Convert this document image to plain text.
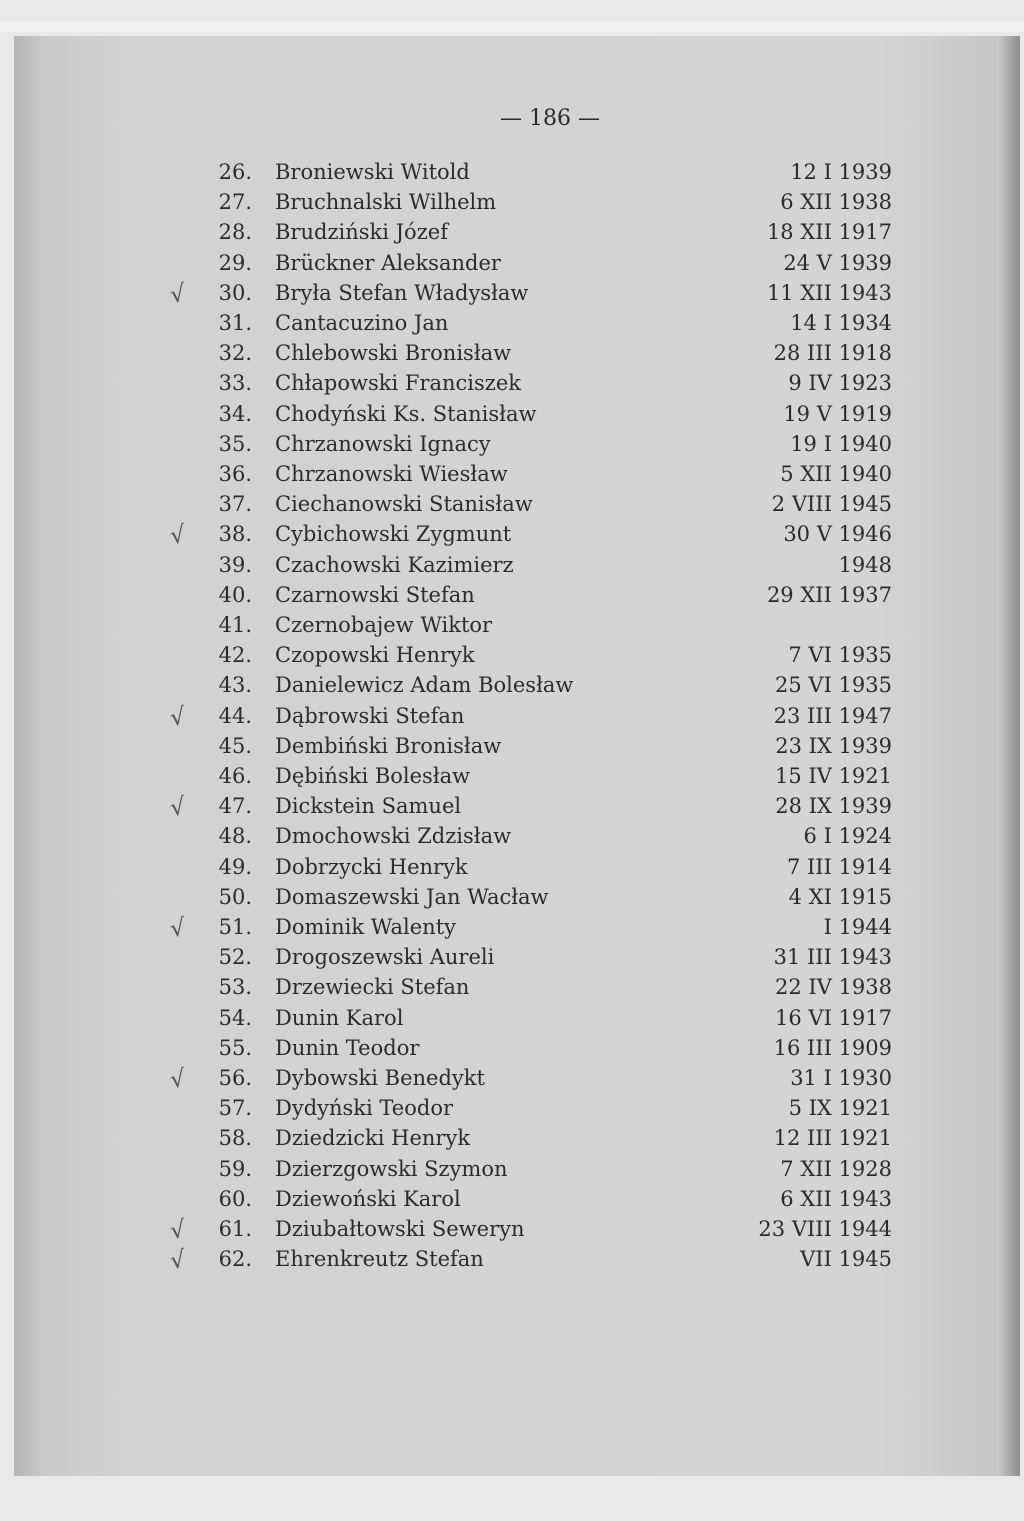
— 186 —
26. Broniewski Witold	12 I 1939
27. Bruchnalski Wilhelm	6 XII 1938
28. Brudziński Józef	18 XII 1917
29. Brückner Aleksander	24 V 1939
√	30. Bryła Stefan Władysław	11 XII 1943
31. Cantacuzino Jan	14 I 1934
32. Chlebowski Bronisław	28 III 1918
33. Chłapowski Franciszek	9 IV 1923
34. Chodyński Ks. Stanisław	19 V 1919
35. Chrzanowski Ignacy	19 I 1940
36. Chrzanowski Wiesław	5 XII 1940
37. Ciechanowski Stanisław	2 VIII 1945
√	38. Cybichowski Zygmunt	30 V 1946
39. Czachowski Kazimierz	1948
40. Czarnowski Stefan	29 XII 1937
41. Czernobajew Wiktor
42. Czopowski Henryk	7 VI 1935
43. Danielewicz Adam Bolesław	25 VI 1935
√	44. Dąbrowski Stefan	23 III 1947
45. Dembiński Bronisław	23 IX 1939
46. Dębiński Bolesław	15 IV 1921
√	47. Dickstein Samuel	28 IX 1939
48. Dmochowski Zdzisław	6 I 1924
49. Dobrzycki Henryk	7 III 1914
50. Domaszewski Jan Wacław	4 XI 1915
√	51. Dominik Walenty	I 1944
52. Drogoszewski Aureli	31 III 1943
53. Drzewiecki Stefan	22 IV 1938
54. Dunin Karol	16 VI 1917
55. Dunin Teodor	16 III 1909
√	56. Dybowski Benedykt	31 I 1930
57. Dydyński Teodor	5 IX 1921
58. Dziedzicki Henryk	12 III 1921
59. Dzierzgowski Szymon	7 XII 1928
60. Dziewoński Karol	6 XII 1943
√	61. Dziubałtowski Seweryn	23 VIII 1944
√	62. Ehrenkreutz Stefan	VII 1945
